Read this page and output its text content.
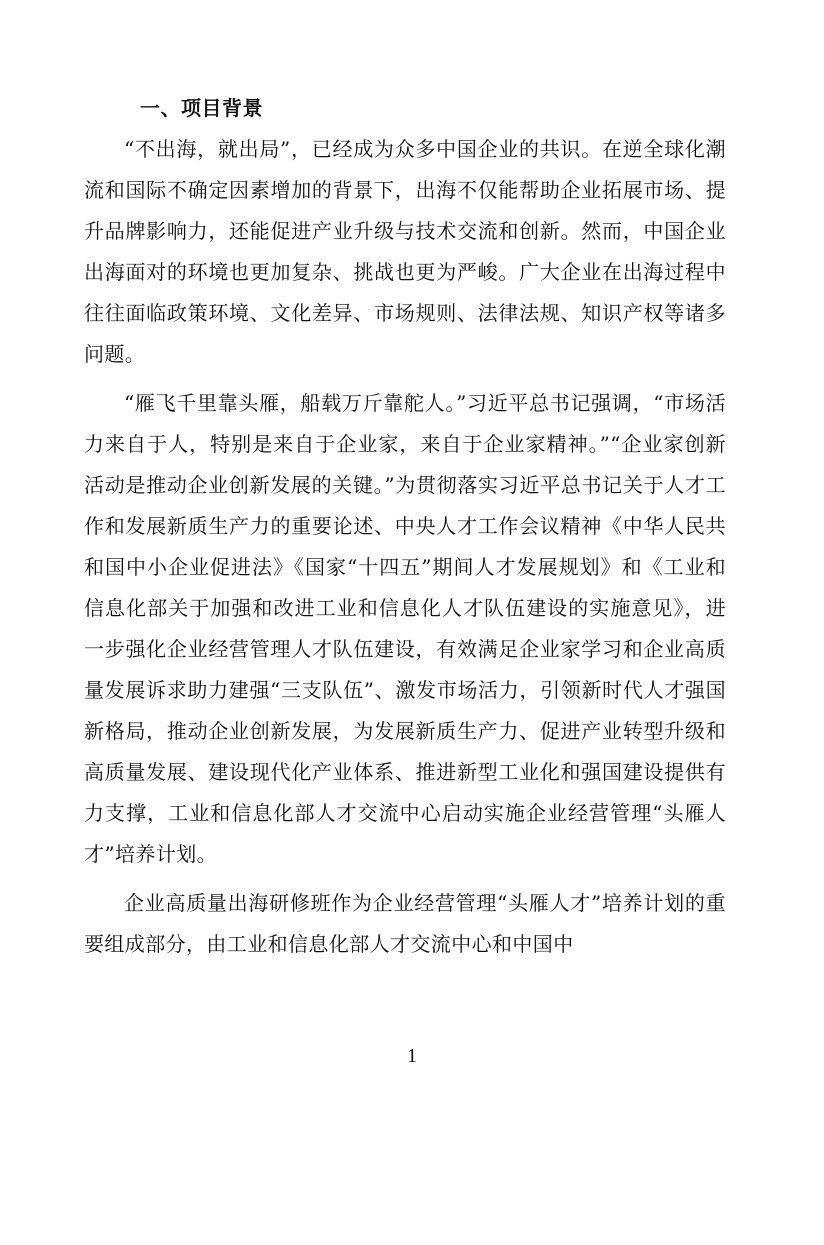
一、项目背景

“不出海，就出局”，已经成为众多中国企业的共识。在逆全球化潮流和国际不确定因素增加的背景下，出海不仅能帮助企业拓展市场、提升品牌影响力，还能促进产业升级与技术交流和创新。然而，中国企业出海面对的环境也更加复杂、挑战也更为严峻。广大企业在出海过程中往往面临政策环境、文化差异、市场规则、法律法规、知识产权等诸多问题。

“雁飞千里靠头雁，船载万斤靠舵人。”习近平总书记强调，“市场活力来自于人，特别是来自于企业家，来自于企业家精神。”“企业家创新活动是推动企业创新发展的关键。”为贯彻落实习近平总书记关于人才工作和发展新质生产力的重要论述、中央人才工作会议精神《中华人民共和国中小企业促进法》《国家“十四五”期间人才发展规划》和《工业和信息化部关于加强和改进工业和信息化人才队伍建设的实施意见》，进一步强化企业经营管理人才队伍建设，有效满足企业家学习和企业高质量发展诉求助力建强“三支队伍”、激发市场活力，引领新时代人才强国新格局，推动企业创新发展，为发展新质生产力、促进产业转型升级和高质量发展、建设现代化产业体系、推进新型工业化和强国建设提供有力支撑，工业和信息化部人才交流中心启动实施企业经营管理“头雁人才”培养计划。

企业高质量出海研修班作为企业经营管理“头雁人才”培养计划的重要组成部分，由工业和信息化部人才交流中心和中国中

1
